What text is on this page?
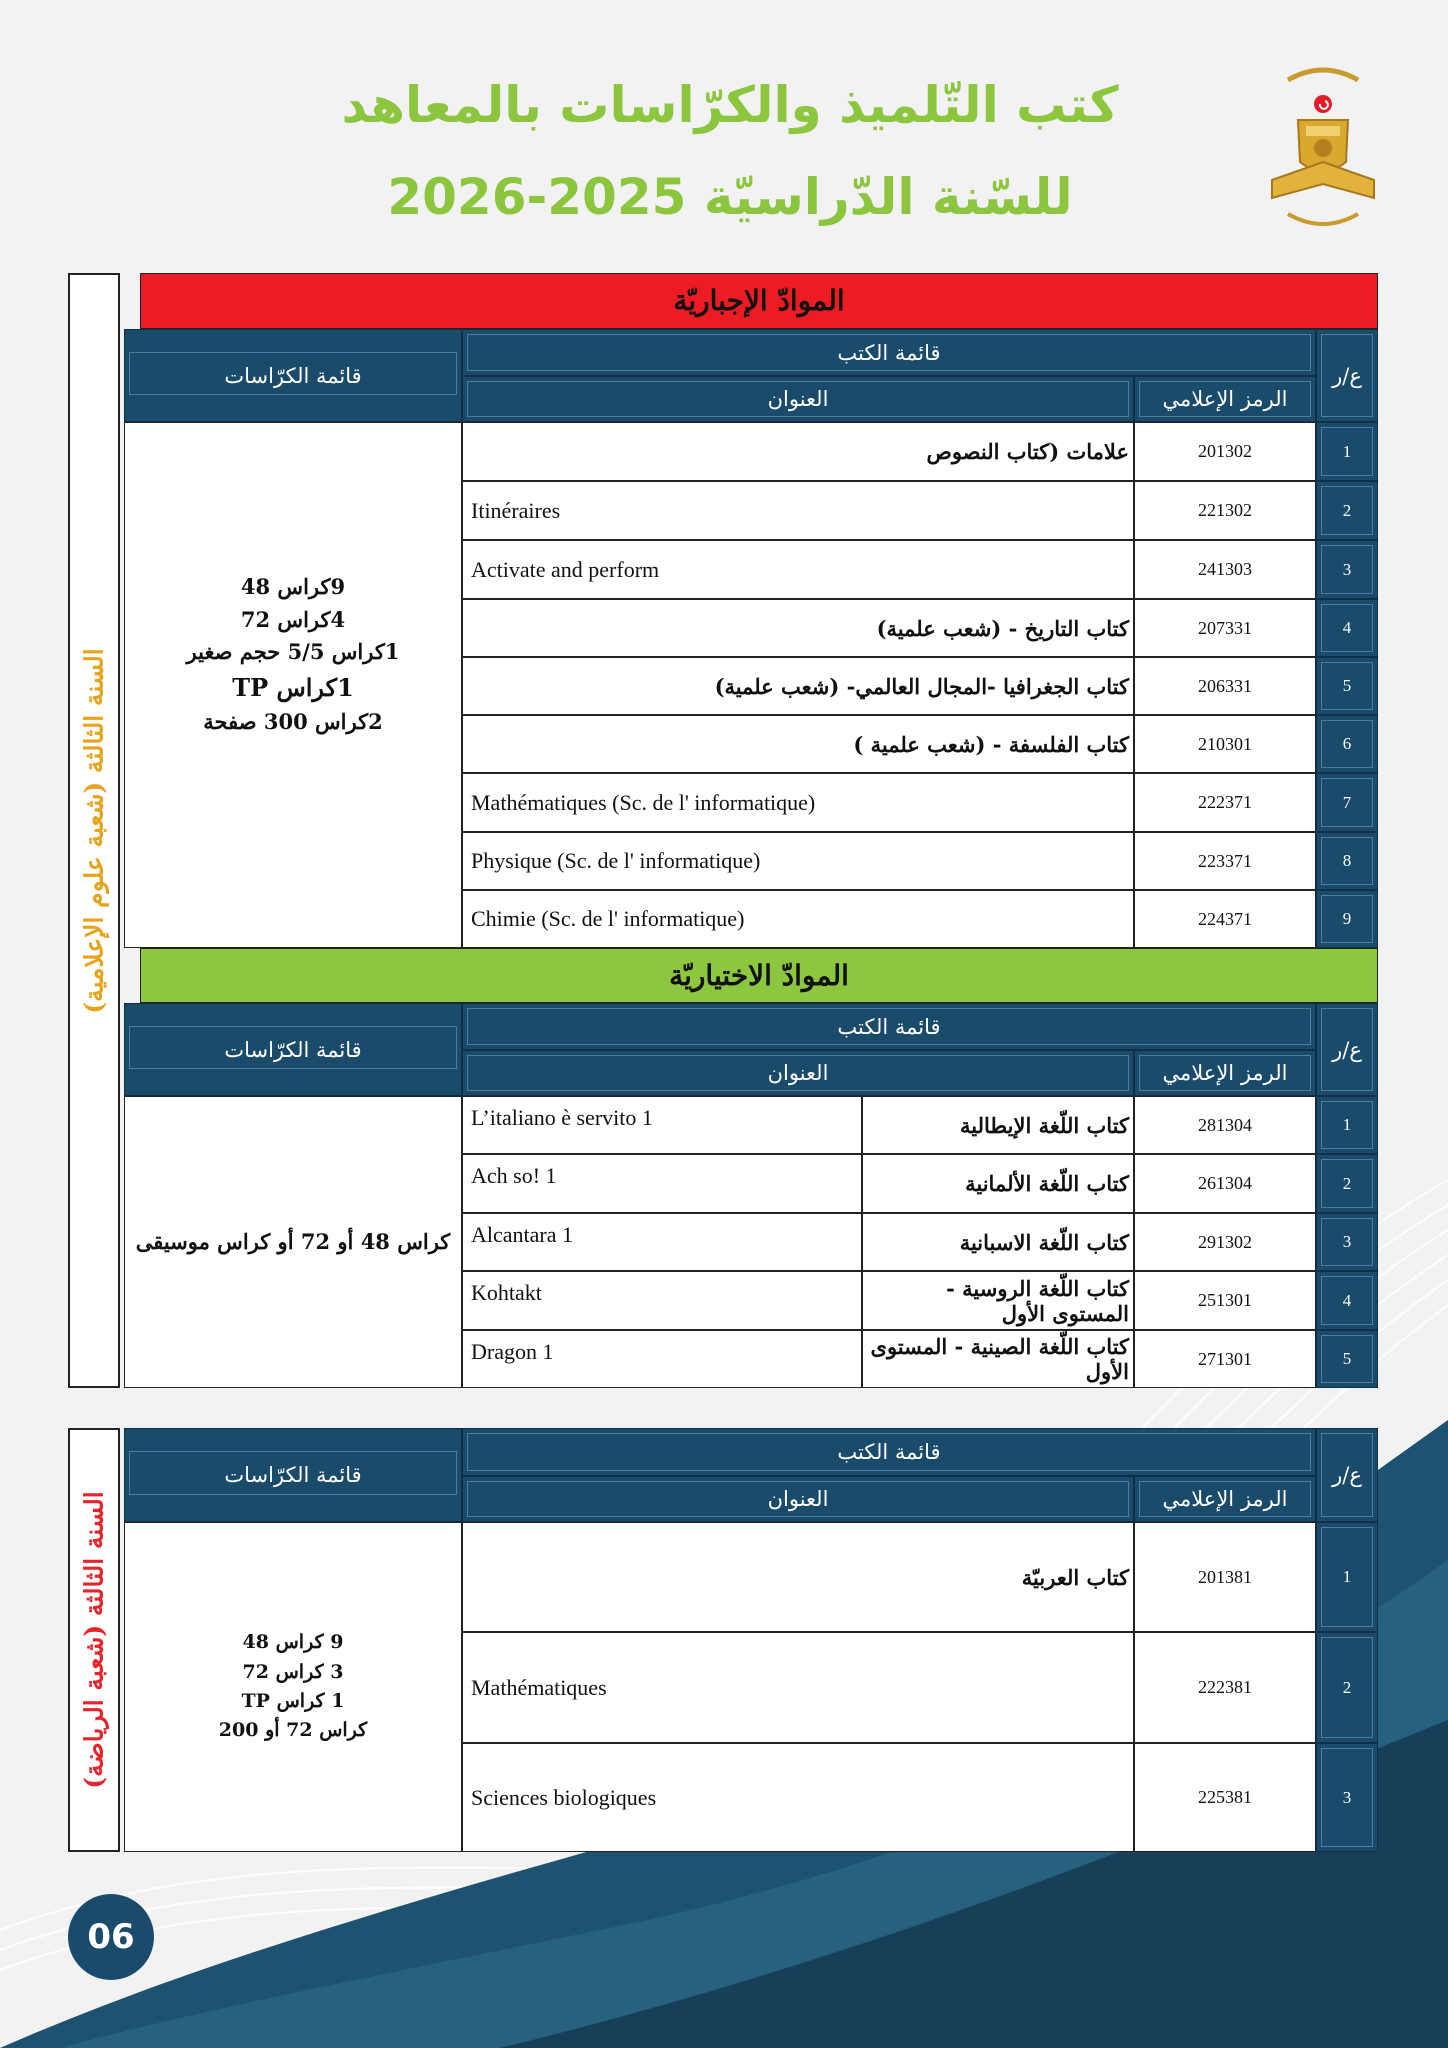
كتب التّلميذ والكرّاسات بالمعاهد
للسّنة الدّراسيّة 2025-2026
السنة الثالثة (شعبة علوم الإعلامية)
الموادّ الإجباريّة
ع/ر
قائمة الكتب
الرمز الإعلامي
العنوان
قائمة الكرّاسات
1
201302
علامات (كتاب النصوص
2
221302
Itinéraires
3
241303
Activate and perform
4
207331
كتاب التاريخ - (شعب علمية)
5
206331
كتاب الجغرافيا -المجال العالمي- (شعب علمية)
6
210301
كتاب الفلسفة - (شعب علمية )
7
222371
Mathématiques (Sc. de l' informatique)
8
223371
Physique (Sc. de l' informatique)
9
224371
Chimie (Sc. de l' informatique)
9كراس 48
4كراس 72
1كراس 5/5 حجم صغير
1كراس TP
2كراس 300 صفحة
الموادّ الاختياريّة
ع/ر
قائمة الكتب
الرمز الإعلامي
العنوان
قائمة الكرّاسات
1
281304
كتاب اللّغة الإيطالية
L’italiano è servito 1
2
261304
كتاب اللّغة الألمانية
Ach so! 1
3
291302
كتاب اللّغة الاسبانية
Alcantara 1
4
251301
كتاب اللّغة الروسية - المستوى الأول
Kohtakt
5
271301
كتاب اللّغة الصينية - المستوى الأول
Dragon 1
كراس 48 أو 72 أو كراس موسيقى
السنة الثالثة (شعبة الرياضة)
ع/ر
قائمة الكتب
الرمز الإعلامي
العنوان
قائمة الكرّاسات
1
201381
كتاب العربيّة
2
222381
Mathématiques
3
225381
Sciences biologiques
9 كراس 48
3 كراس 72
1 كراس TP
كراس 72 أو 200
06
